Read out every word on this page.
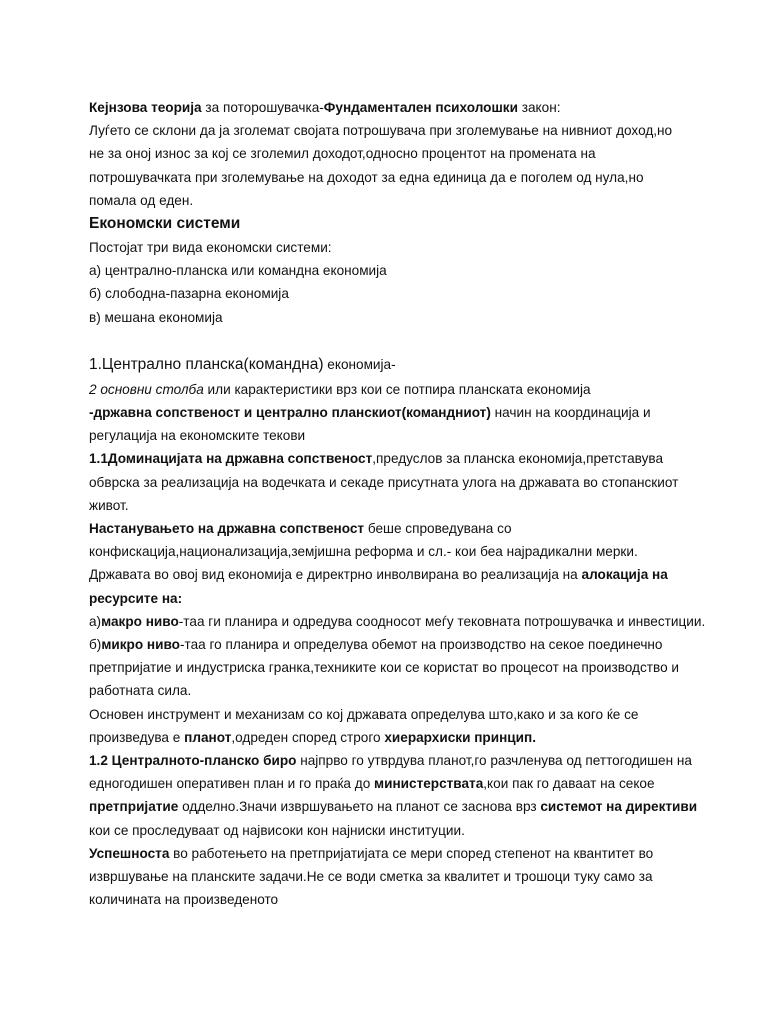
Кејнзова теорија за поторошувачка-Фундаментален психолошки закон:
Луѓето се склони да ја зголемат својата потрошувача при зголемување на нивниот доход,но
не за оној износ за кој се зголемил доходот,односно процентот на промената на
потрошувачката при зголемување на доходот за една единица да е поголем од нула,но
помала од еден.
Економски системи
Постојат три вида економски системи:
а) централно-планска или командна економија
б) слободна-пазарна економија
в) мешана економија
1.Централно планска(командна) економија-
2 основни столба или карактеристики врз кои се потпира планската економија
-државна сопственост и централно планскиот(командниот) начин на координација и
регулација на економските текови
1.1Доминацијата на државна сопственост,предуслов за планска економија,претставува
обврска за реализација на водечката и секаде присутната улога на државата во стопанскиот
живот.
Настанувањето на државна сопственост беше спроведувана со
конфискација,национализација,земјишна реформа и сл.- кои беа најрадикални мерки.
Државата во овој вид економија е директрно инволвирана во реализација на алокација на
ресурсите на:
а)макро ниво-таа ги планира и одредува соодносот меѓу тековната потрошувачка и инвестиции.
б)микро ниво-таа го планира и определува обемот на производство на секое поединечно
претпријатие и индустриска гранка,техниките кои се користат во процесот на производство и
работната сила.
Основен инструмент и механизам со кој државата определува што,како и за кого ќе се
произведува е планот,одреден според строго хиерархиски принцип.
1.2 Централното-планско биро најпрво го утврдува планот,го разчленува од петтогодишен на
едногодишен оперативен план и го праќа до министерствата,кои пак го даваат на секое
претпријатие одделно.Значи извршувањето на планот се заснова врз системот на директиви
кои се проследуваат од највисоки кон најниски институции.
Успешноста во работењето на претпријатијата се мери според степенот на квантитет во
извршување на планските задачи.Не се води сметка за квалитет и трошоци туку само за
количината на произведеното
